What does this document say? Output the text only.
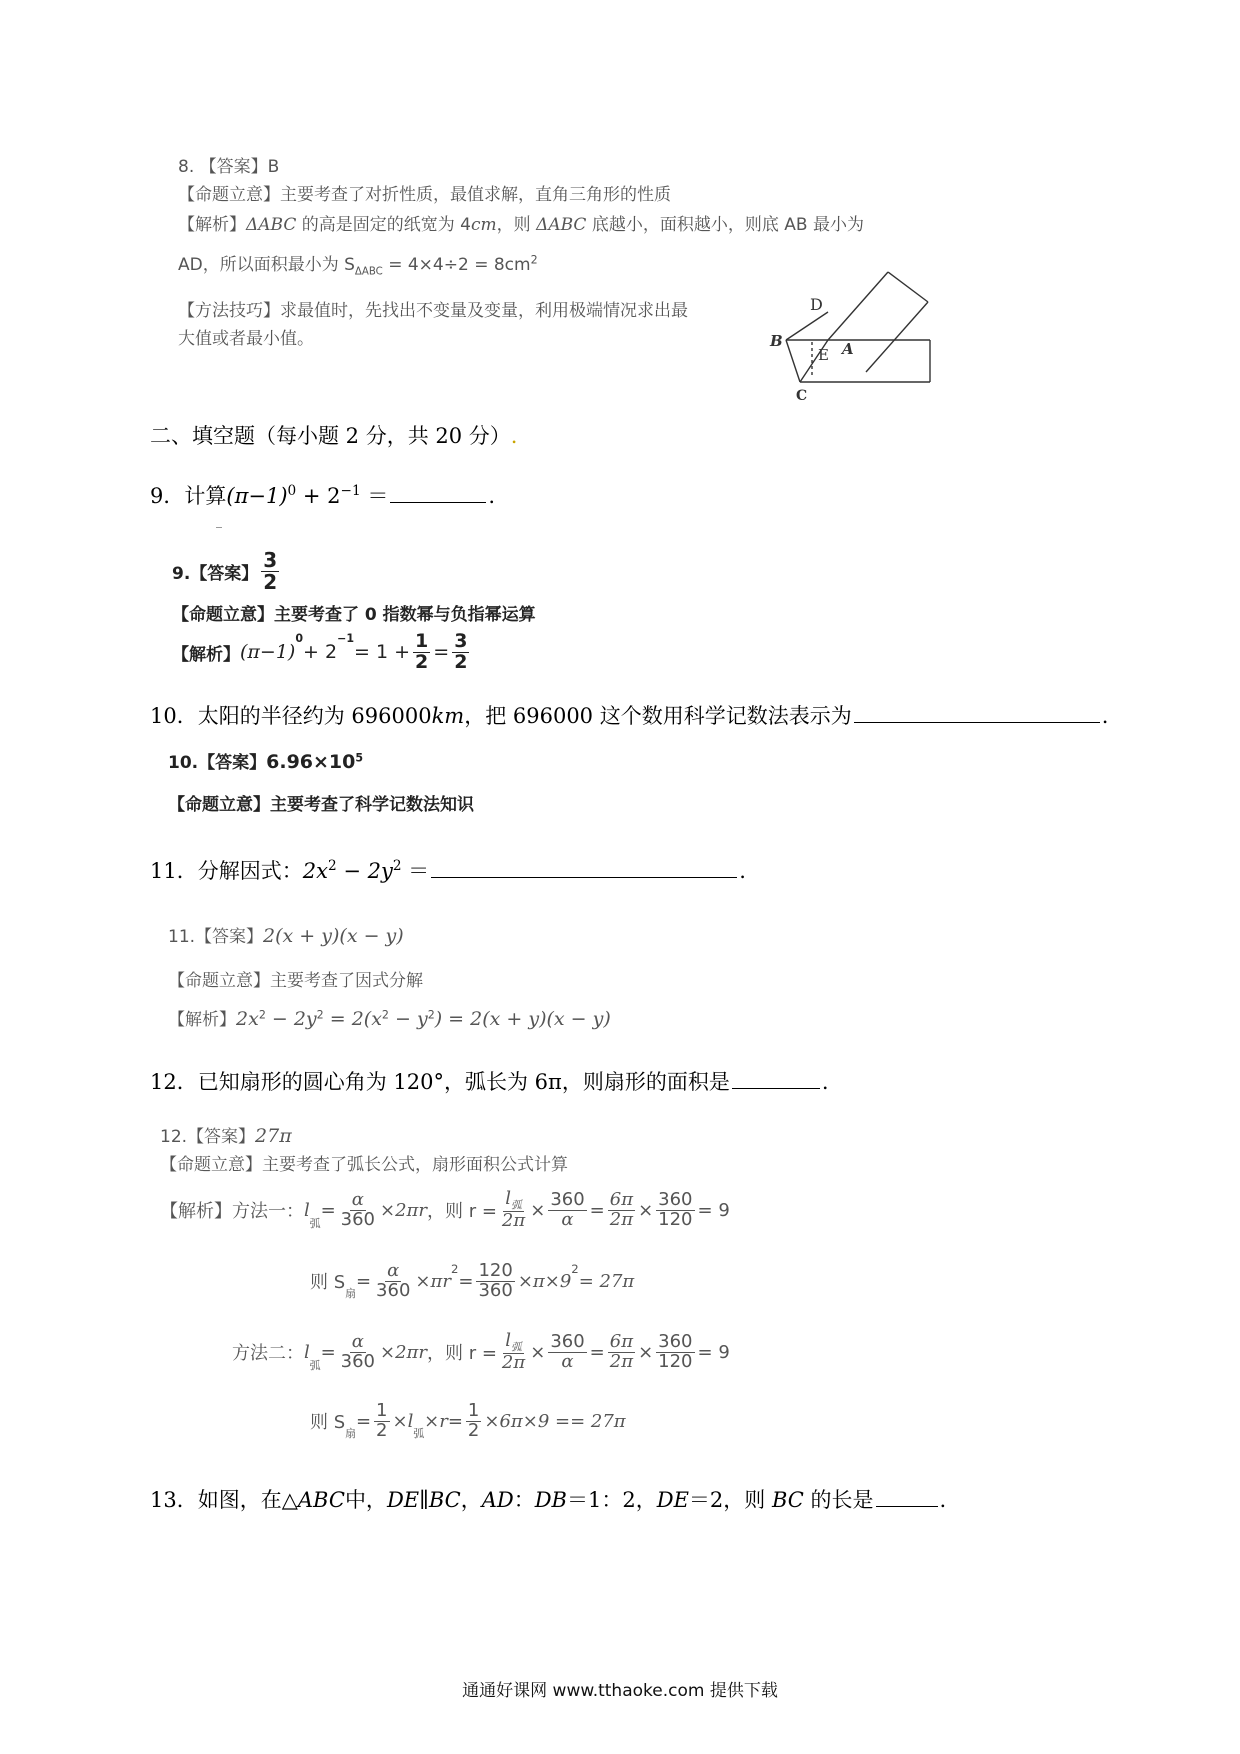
8. 【答案】B
【命题立意】主要考查了对折性质，最值求解，直角三角形的性质
【解析】ΔABC 的高是固定的纸宽为 4cm，则 ΔABC 底越小，面积越小，则底 AB 最小为
AD，所以面积最小为 $S_{\Delta ABC} = 4\times 4\div 2 = 8cm^2$
【方法技巧】求最值时，先找出不变量及变量，利用极端情况求出最
大值或者最小值。
D
B
E A
C
二、填空题（每小题 2 分，共 20 分）.
9．计算$(\pi-1)^0 + 2^{-1}$ ＝	.
9.【答案】 $\frac{3}{2}$
【命题立意】主要考查了 0 指数幂与负指幂运算
【解析】 (π−1)
$^0$
+ 2
$^{-1}$
= $1 + \frac{1}{2} = \frac{3}{2}$
10．太阳的半径约为 696000km，把 696000 这个数用科学记数法表示为	.
10.【答案】$6.96\times 10^5$
【命题立意】主要考查了科学记数法知识
11．分解因式：$2x^2 - 2y^2$ ＝	.
11.【答案】2(x + y)(x − y)
【命题立意】主要考查了因式分解
【解析】$2x^2 - 2y^2 = 2(x^2 - y^2) = 2(x + y)(x - y)$
12．已知扇形的圆心角为 120°，弧长为 6π，则扇形的面积是	.
12.【答案】27π
【命题立意】主要考查了弧长公式，扇形面积公式计算
【解析】方法一： l
$_弧$
= $\frac{\alpha}{360} \times 2\pi r$ ，则 $r = \frac{l_弧}{2\pi} \times \frac{360}{\alpha} = \frac{6\pi}{2\pi} \times \frac{360}{120} = 9$
则 $S_扇$
= $\frac{\alpha}{360} \times\pi r$
$^2$
= $\frac{120}{360} \times\pi\times 9$
$^2$
= 27π
方法二： l
$_弧$
= $\frac{\alpha}{360} \times 2\pi r$ ，则 $r = \frac{l_弧}{2\pi} \times \frac{360}{\alpha} = \frac{6\pi}{2\pi} \times \frac{360}{120} = 9$
则 $S_扇$
= $\frac{1}{2} \times l$
$_弧$
$\times r = \frac{1}{2} \times 6\pi\times 9 == 27\pi$
13．如图，在△ABC中，DE∥BC，AD：DB＝1：2，DE＝2，则 BC 的长是	.
通通好课网 www.tthaoke.com 提供下载
